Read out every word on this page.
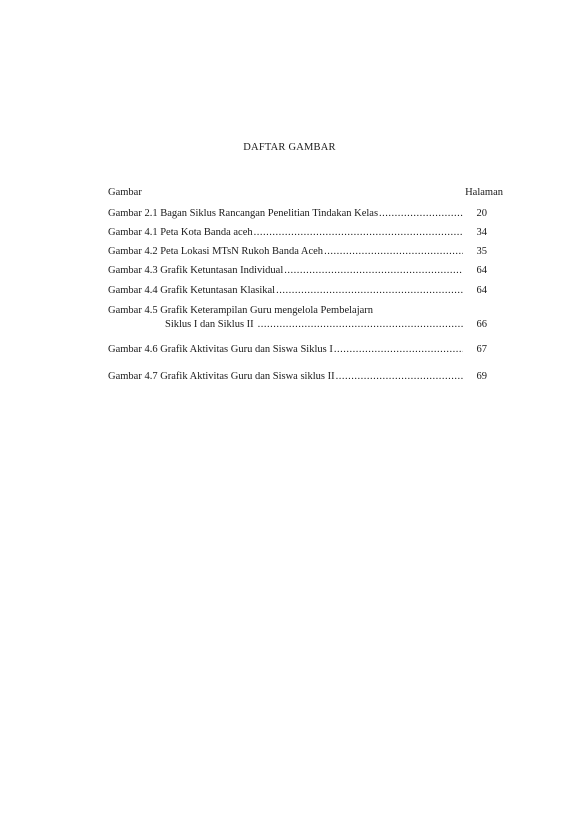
DAFTAR GAMBAR
Gambar	Halaman
Gambar 2.1 Bagan Siklus Rancangan Penelitian Tindakan Kelas .....	20
Gambar 4.1 Peta Kota Banda aceh .....	34
Gambar 4.2 Peta Lokasi MTsN Rukoh Banda Aceh .....	35
Gambar 4.3 Grafik Ketuntasan Individual .....	64
Gambar 4.4 Grafik Ketuntasan Klasikal .....	64
Gambar 4.5 Grafik Keterampilan Guru mengelola Pembelajarn
Siklus I dan Siklus II .....	66
Gambar 4.6 Grafik Aktivitas Guru dan Siswa Siklus I .....	67
Gambar 4.7 Grafik Aktivitas Guru dan Siswa siklus II .....	69
